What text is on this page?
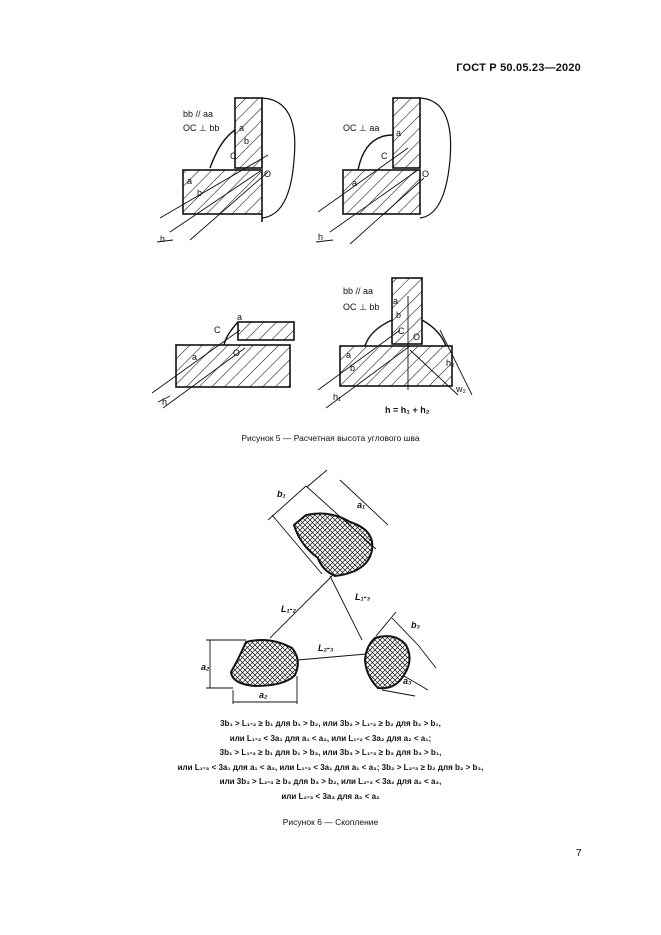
ГОСТ Р 50.05.23—2020
bb // aa
OC ⊥ bb a
b
C
O
a
b
h
OC ⊥ aa a
C
O
a
h
C
a
O
a
h
bb // aa
OC ⊥ bb
a
b
C
O
a
b
h₁
h₂
w₂
h = h₁ + h₂
b₁
a₁
L₁-₂
L₁-₃
L₂-₃
a₂
a₂
b₃
a₃
Рисунок 5 — Расчетная высота углового шва
3b₁ > L₁-₂ ≥ b₁ для b₁ > b₂, или 3b₂ > L₁-₂ ≥ b₂ для b₂ > b₁,
или L₁-₂ < 3a₁ для a₁ < a₂, или L₁-₂ < 3a₂ для a₂ < a₁;
3b₁ > L₁-₃ ≥ b₁ для b₁ > b₃, или 3b₃ > L₁-₃ ≥ b₃ для b₃ > b₁,
или L₁-₃ < 3a₁ для a₁ < a₃, или L₁-₃ < 3a₁ для a₁ < a₃; 3b₂ > L₂-₃ ≥ b₂ для b₂ > b₃,
или 3b₃ > L₂-₃ ≥ b₃ для b₃ > b₂, или L₂-₃ < 3a₂ для a₂ < a₃,
или L₂-₃ < 3a₃ для a₃ < a₂
Рисунок 6 — Скопление
7
